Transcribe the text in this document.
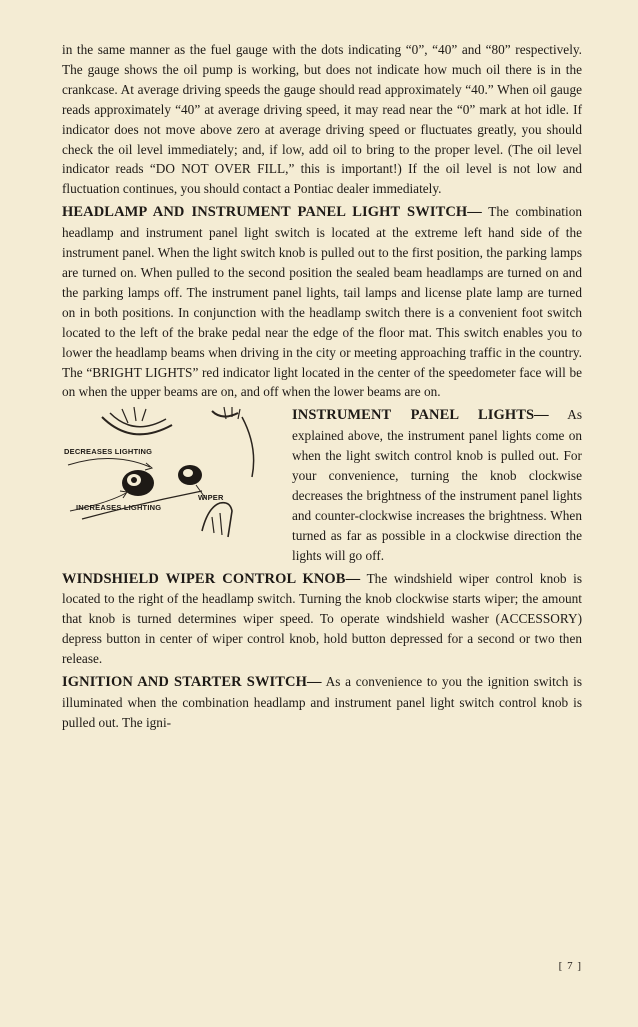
in the same manner as the fuel gauge with the dots indicating “0”, “40” and “80” respectively. The gauge shows the oil pump is working, but does not indicate how much oil there is in the crankcase. At average driving speeds the gauge should read approximately “40.” When oil gauge reads approximately “40” at average driving speed, it may read near the “0” mark at hot idle. If indicator does not move above zero at average driving speed or fluctuates greatly, you should check the oil level immediately; and, if low, add oil to bring to the proper level. (The oil level indicator reads “DO NOT OVER FILL,” this is important!) If the oil level is not low and fluctuation continues, you should contact a Pontiac dealer immediately.

HEADLAMP AND INSTRUMENT PANEL LIGHT SWITCH— The combination headlamp and instrument panel light switch is located at the extreme left hand side of the instrument panel. When the light switch knob is pulled out to the first position, the parking lamps are turned on. When pulled to the second position the sealed beam headlamps are turned on and the parking lamps off. The instrument panel lights, tail lamps and license plate lamp are turned on in both positions. In conjunction with the headlamp switch there is a convenient foot switch located to the left of the brake pedal near the edge of the floor mat. This switch enables you to lower the headlamp beams when driving in the city or meeting approaching traffic in the country. The “BRIGHT LIGHTS” red indicator light located in the center of the speedometer face will be on when the upper beams are on, and off when the lower beams are on.

DECREASES LIGHTING
INCREASES LIGHTING
WIPER

INSTRUMENT PANEL LIGHTS— As explained above, the instrument panel lights come on when the light switch control knob is pulled out. For your convenience, turning the knob clockwise decreases the brightness of the instrument panel lights and counter-clockwise increases the brightness. When turned as far as possible in a clockwise direction the lights will go off.

WINDSHIELD WIPER CONTROL KNOB— The windshield wiper control knob is located to the right of the headlamp switch. Turning the knob clockwise starts wiper; the amount that knob is turned determines wiper speed. To operate windshield washer (ACCESSORY) depress button in center of wiper control knob, hold button depressed for a second or two then release.

IGNITION AND STARTER SWITCH— As a convenience to you the ignition switch is illuminated when the combination headlamp and instrument panel light switch control knob is pulled out. The igni-

[ 7 ]
